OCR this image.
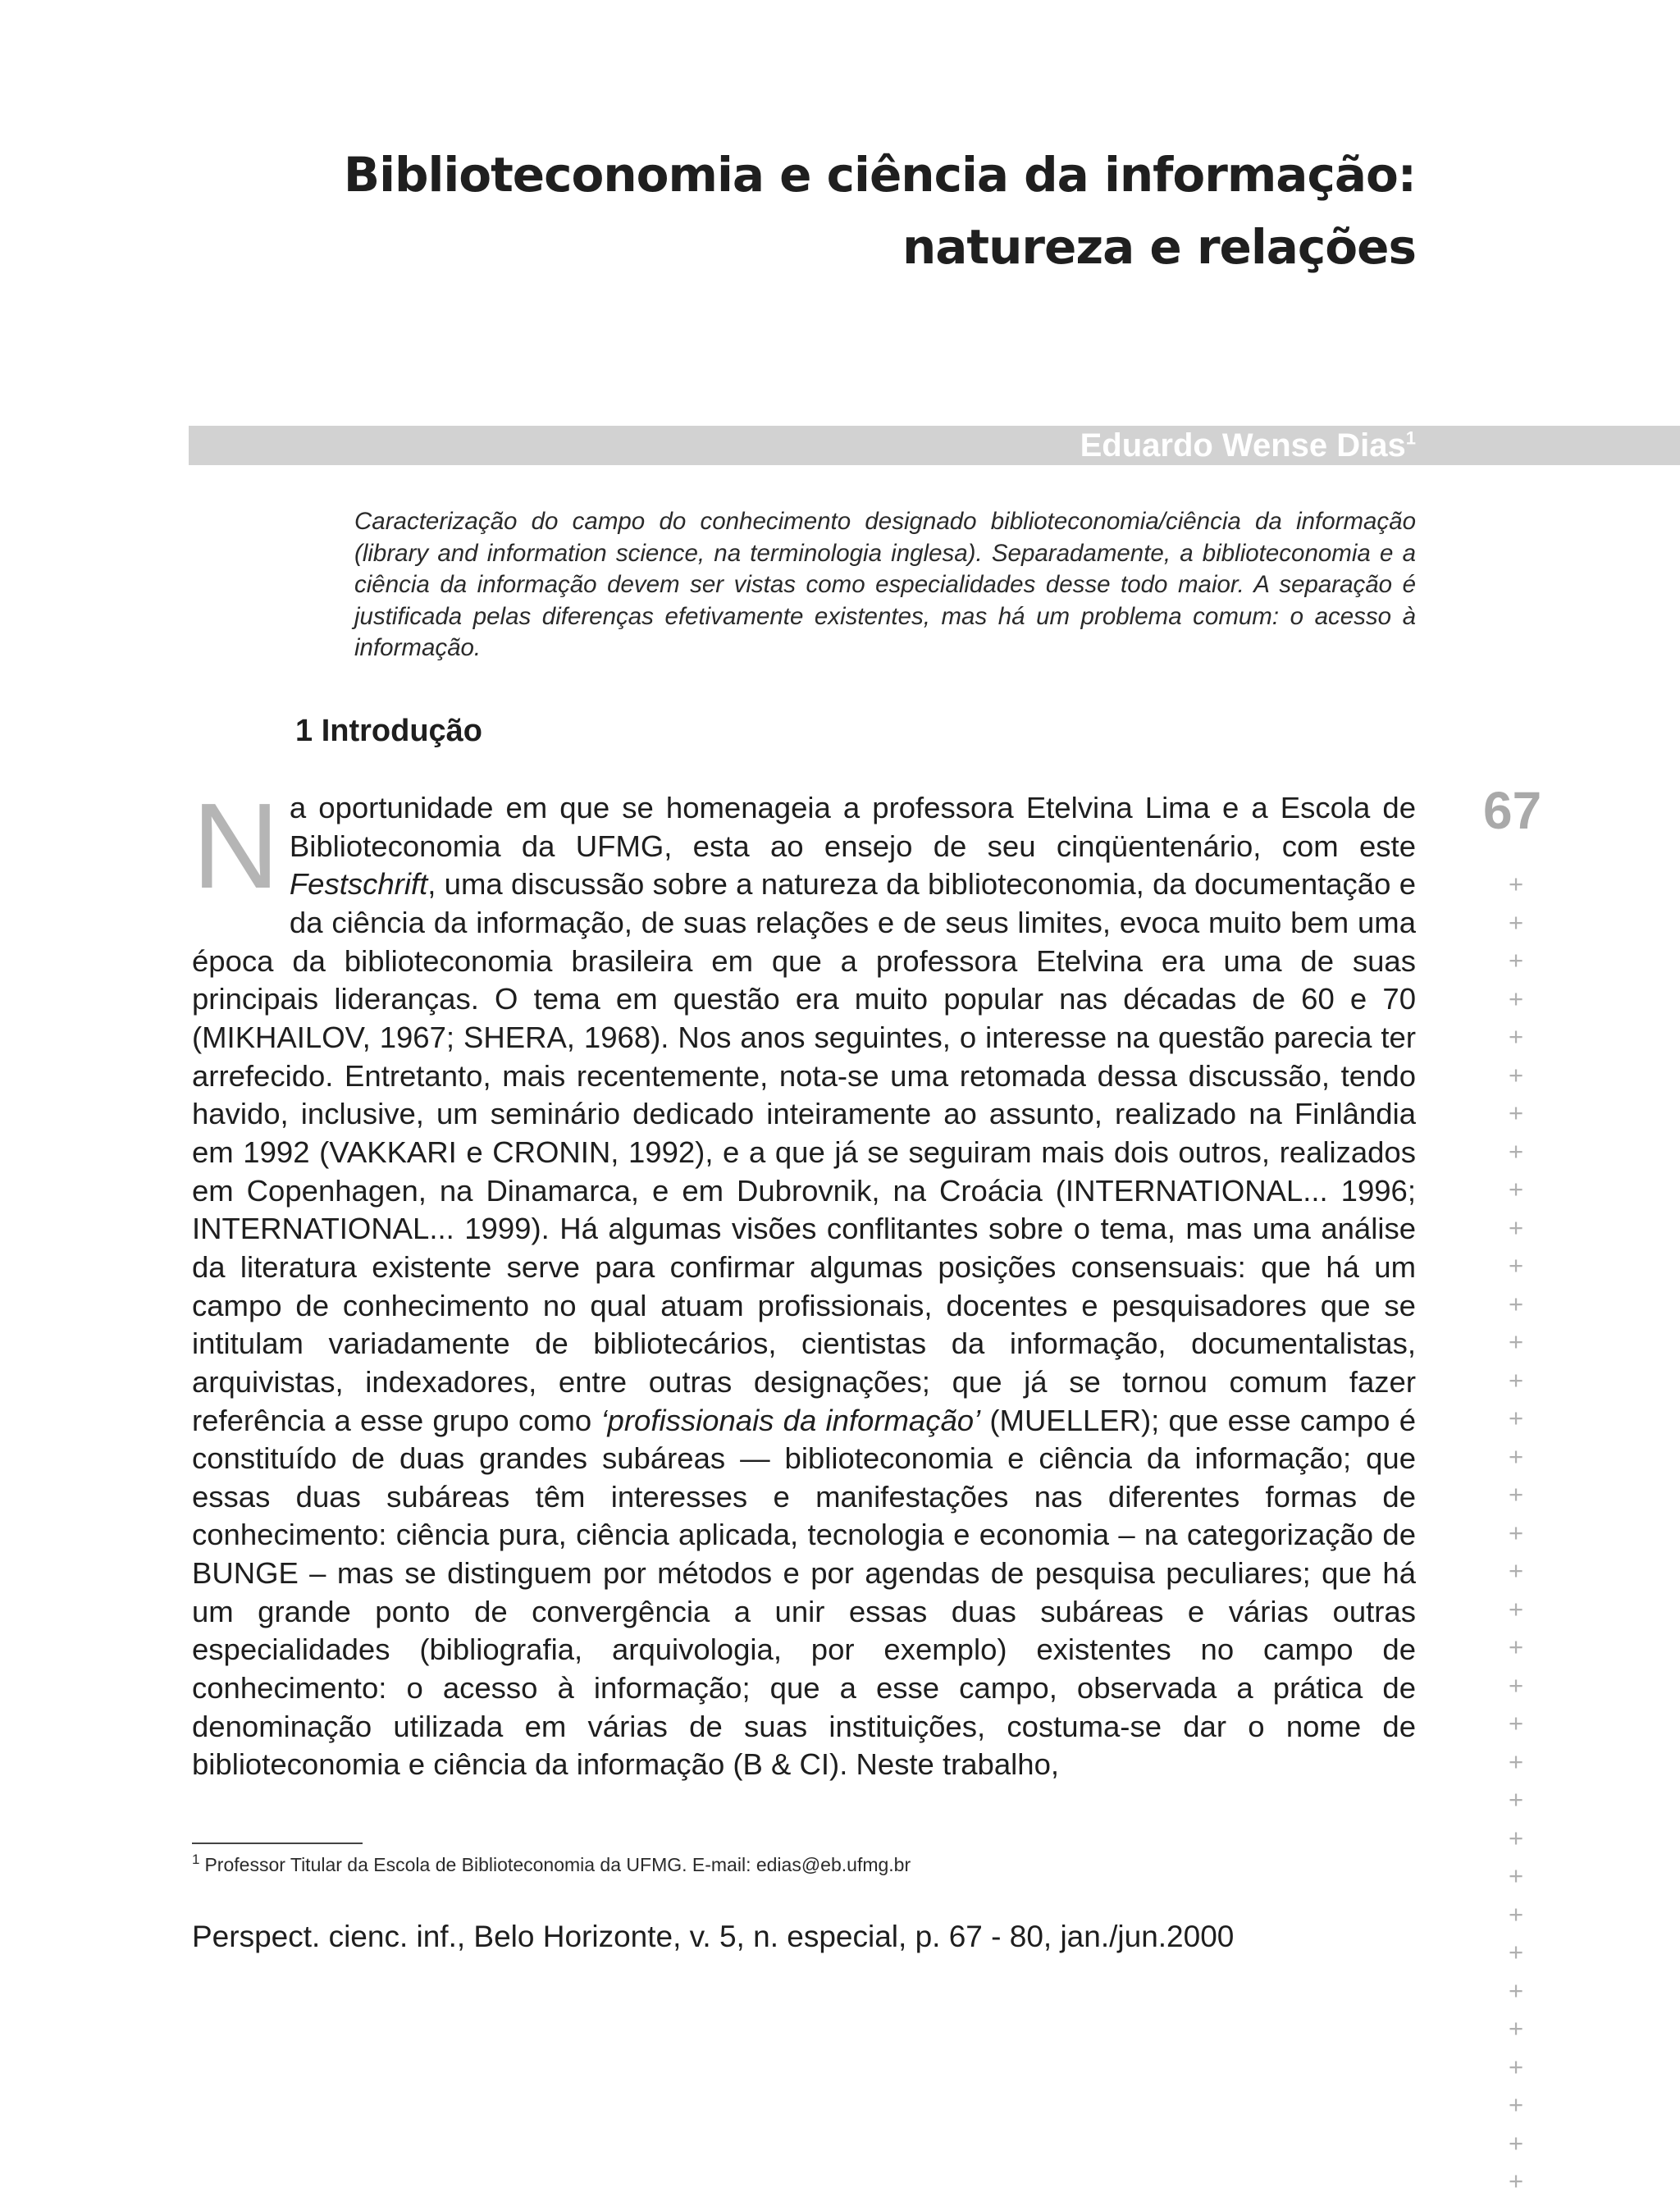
Biblioteconomia e ciência da informação:
natureza e relações
Eduardo Wense Dias$^1$

Caracterização do campo do conhecimento designado biblioteconomia/ciência da informação (library and information science, na terminologia inglesa). Separadamente, a biblioteconomia e a ciência da informação devem ser vistas como especialidades desse todo maior. A separação é justificada pelas diferenças efetivamente existentes, mas há um problema comum: o acesso à informação.

1 Introdução
67
+
+
+
+
+
+
+
+
+
+
+
+
+
+
+
+
+
+
+
+
+
+
+
+
+
+
+
+
+
+
+
+
+
+
+

Na oportunidade em que se homenageia a professora Etelvina Lima e a Escola de Biblioteconomia da UFMG, esta ao ensejo de seu cinqüentenário, com este Festschrift, uma discussão sobre a natureza da biblioteconomia, da documentação e da ciência da informação, de suas relações e de seus limites, evoca muito bem uma época da biblioteconomia brasileira em que a professora Etelvina era uma de suas principais lideranças. O tema em questão era muito popular nas décadas de 60 e 70 (MIKHAILOV, 1967; SHERA, 1968). Nos anos seguintes, o interesse na questão parecia ter arrefecido. Entretanto, mais recentemente, nota-se uma retomada dessa discussão, tendo havido, inclusive, um seminário dedicado inteiramente ao assunto, realizado na Finlândia em 1992 (VAKKARI e CRONIN, 1992), e a que já se seguiram mais dois outros, realizados em Copenhagen, na Dinamarca, e em Dubrovnik, na Croácia (INTERNATIONAL... 1996; INTERNATIONAL... 1999). Há algumas visões conflitantes sobre o tema, mas uma análise da literatura existente serve para confirmar algumas posições consensuais: que há um campo de conhecimento no qual atuam profissionais, docentes e pesquisadores que se intitulam variadamente de bibliotecários, cientistas da informação, documentalistas, arquivistas, indexadores, entre outras designações; que já se tornou comum fazer referência a esse grupo como ‘profissionais da informação’ (MUELLER); que esse campo é constituído de duas grandes subáreas — biblioteconomia e ciência da informação; que essas duas subáreas têm interesses e manifestações nas diferentes formas de conhecimento: ciência pura, ciência aplicada, tecnologia e economia – na categorização de BUNGE – mas se distinguem por métodos e por agendas de pesquisa peculiares; que há um grande ponto de convergência a unir essas duas subáreas e várias outras especialidades (bibliografia, arquivologia, por exemplo) existentes no campo de conhecimento: o acesso à informação; que a esse campo, observada a prática de denominação utilizada em várias de suas instituições, costuma-se dar o nome de biblioteconomia e ciência da informação (B & CI). Neste trabalho,

$^1$ Professor Titular da Escola de Biblioteconomia da UFMG. E-mail: edias@eb.ufmg.br

Perspect. cienc. inf., Belo Horizonte, v. 5, n. especial, p. 67 - 80, jan./jun.2000
